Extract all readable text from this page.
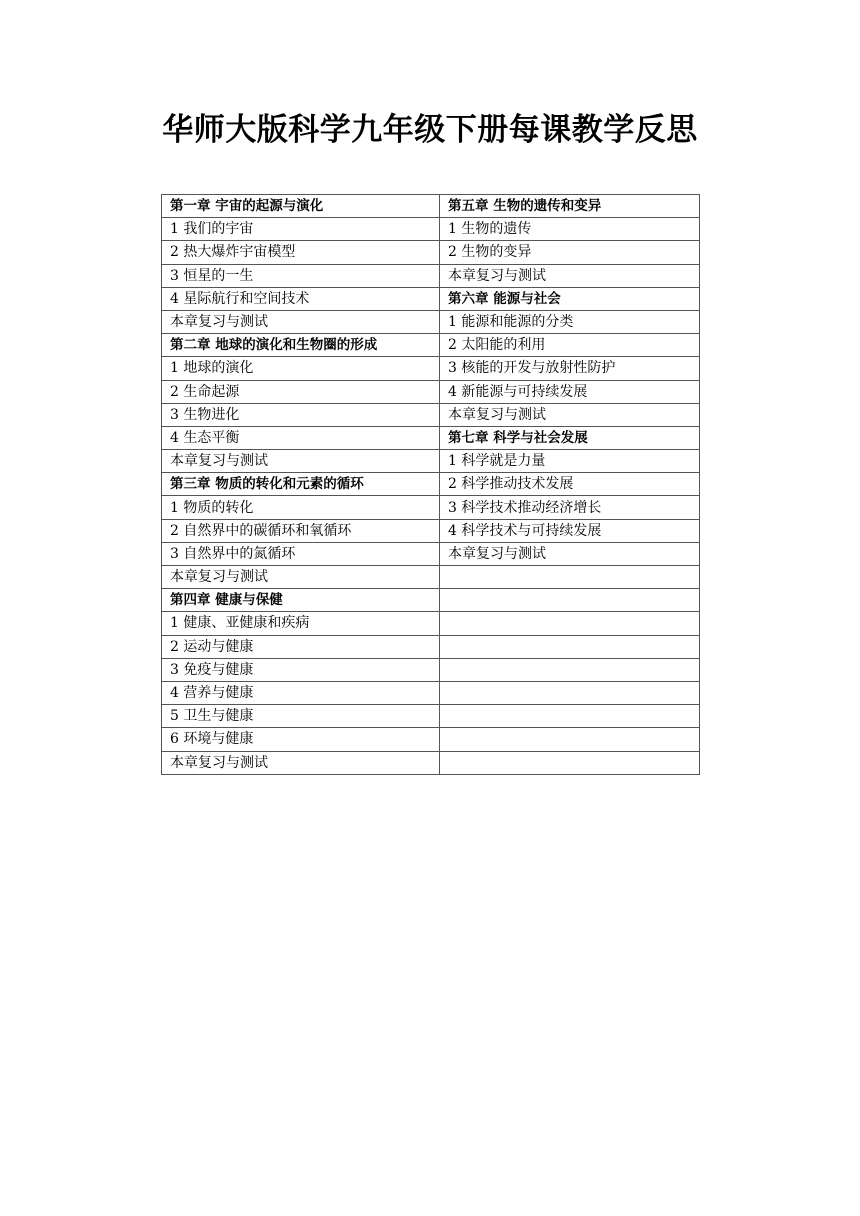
华师大版科学九年级下册每课教学反思
第一章 宇宙的起源与演化	第五章 生物的遗传和变异
1 我们的宇宙	1 生物的遗传
2 热大爆炸宇宙模型	2 生物的变异
3 恒星的一生	本章复习与测试
4 星际航行和空间技术	第六章 能源与社会
本章复习与测试	1 能源和能源的分类
第二章 地球的演化和生物圈的形成	2 太阳能的利用
1 地球的演化	3 核能的开发与放射性防护
2 生命起源	4 新能源与可持续发展
3 生物进化	本章复习与测试
4 生态平衡	第七章 科学与社会发展
本章复习与测试	1 科学就是力量
第三章 物质的转化和元素的循环	2 科学推动技术发展
1 物质的转化	3 科学技术推动经济增长
2 自然界中的碳循环和氧循环	4 科学技术与可持续发展
3 自然界中的氮循环	本章复习与测试
本章复习与测试	
第四章 健康与保健	
1 健康、亚健康和疾病	
2 运动与健康	
3 免疫与健康	
4 营养与健康	
5 卫生与健康	
6 环境与健康	
本章复习与测试	
